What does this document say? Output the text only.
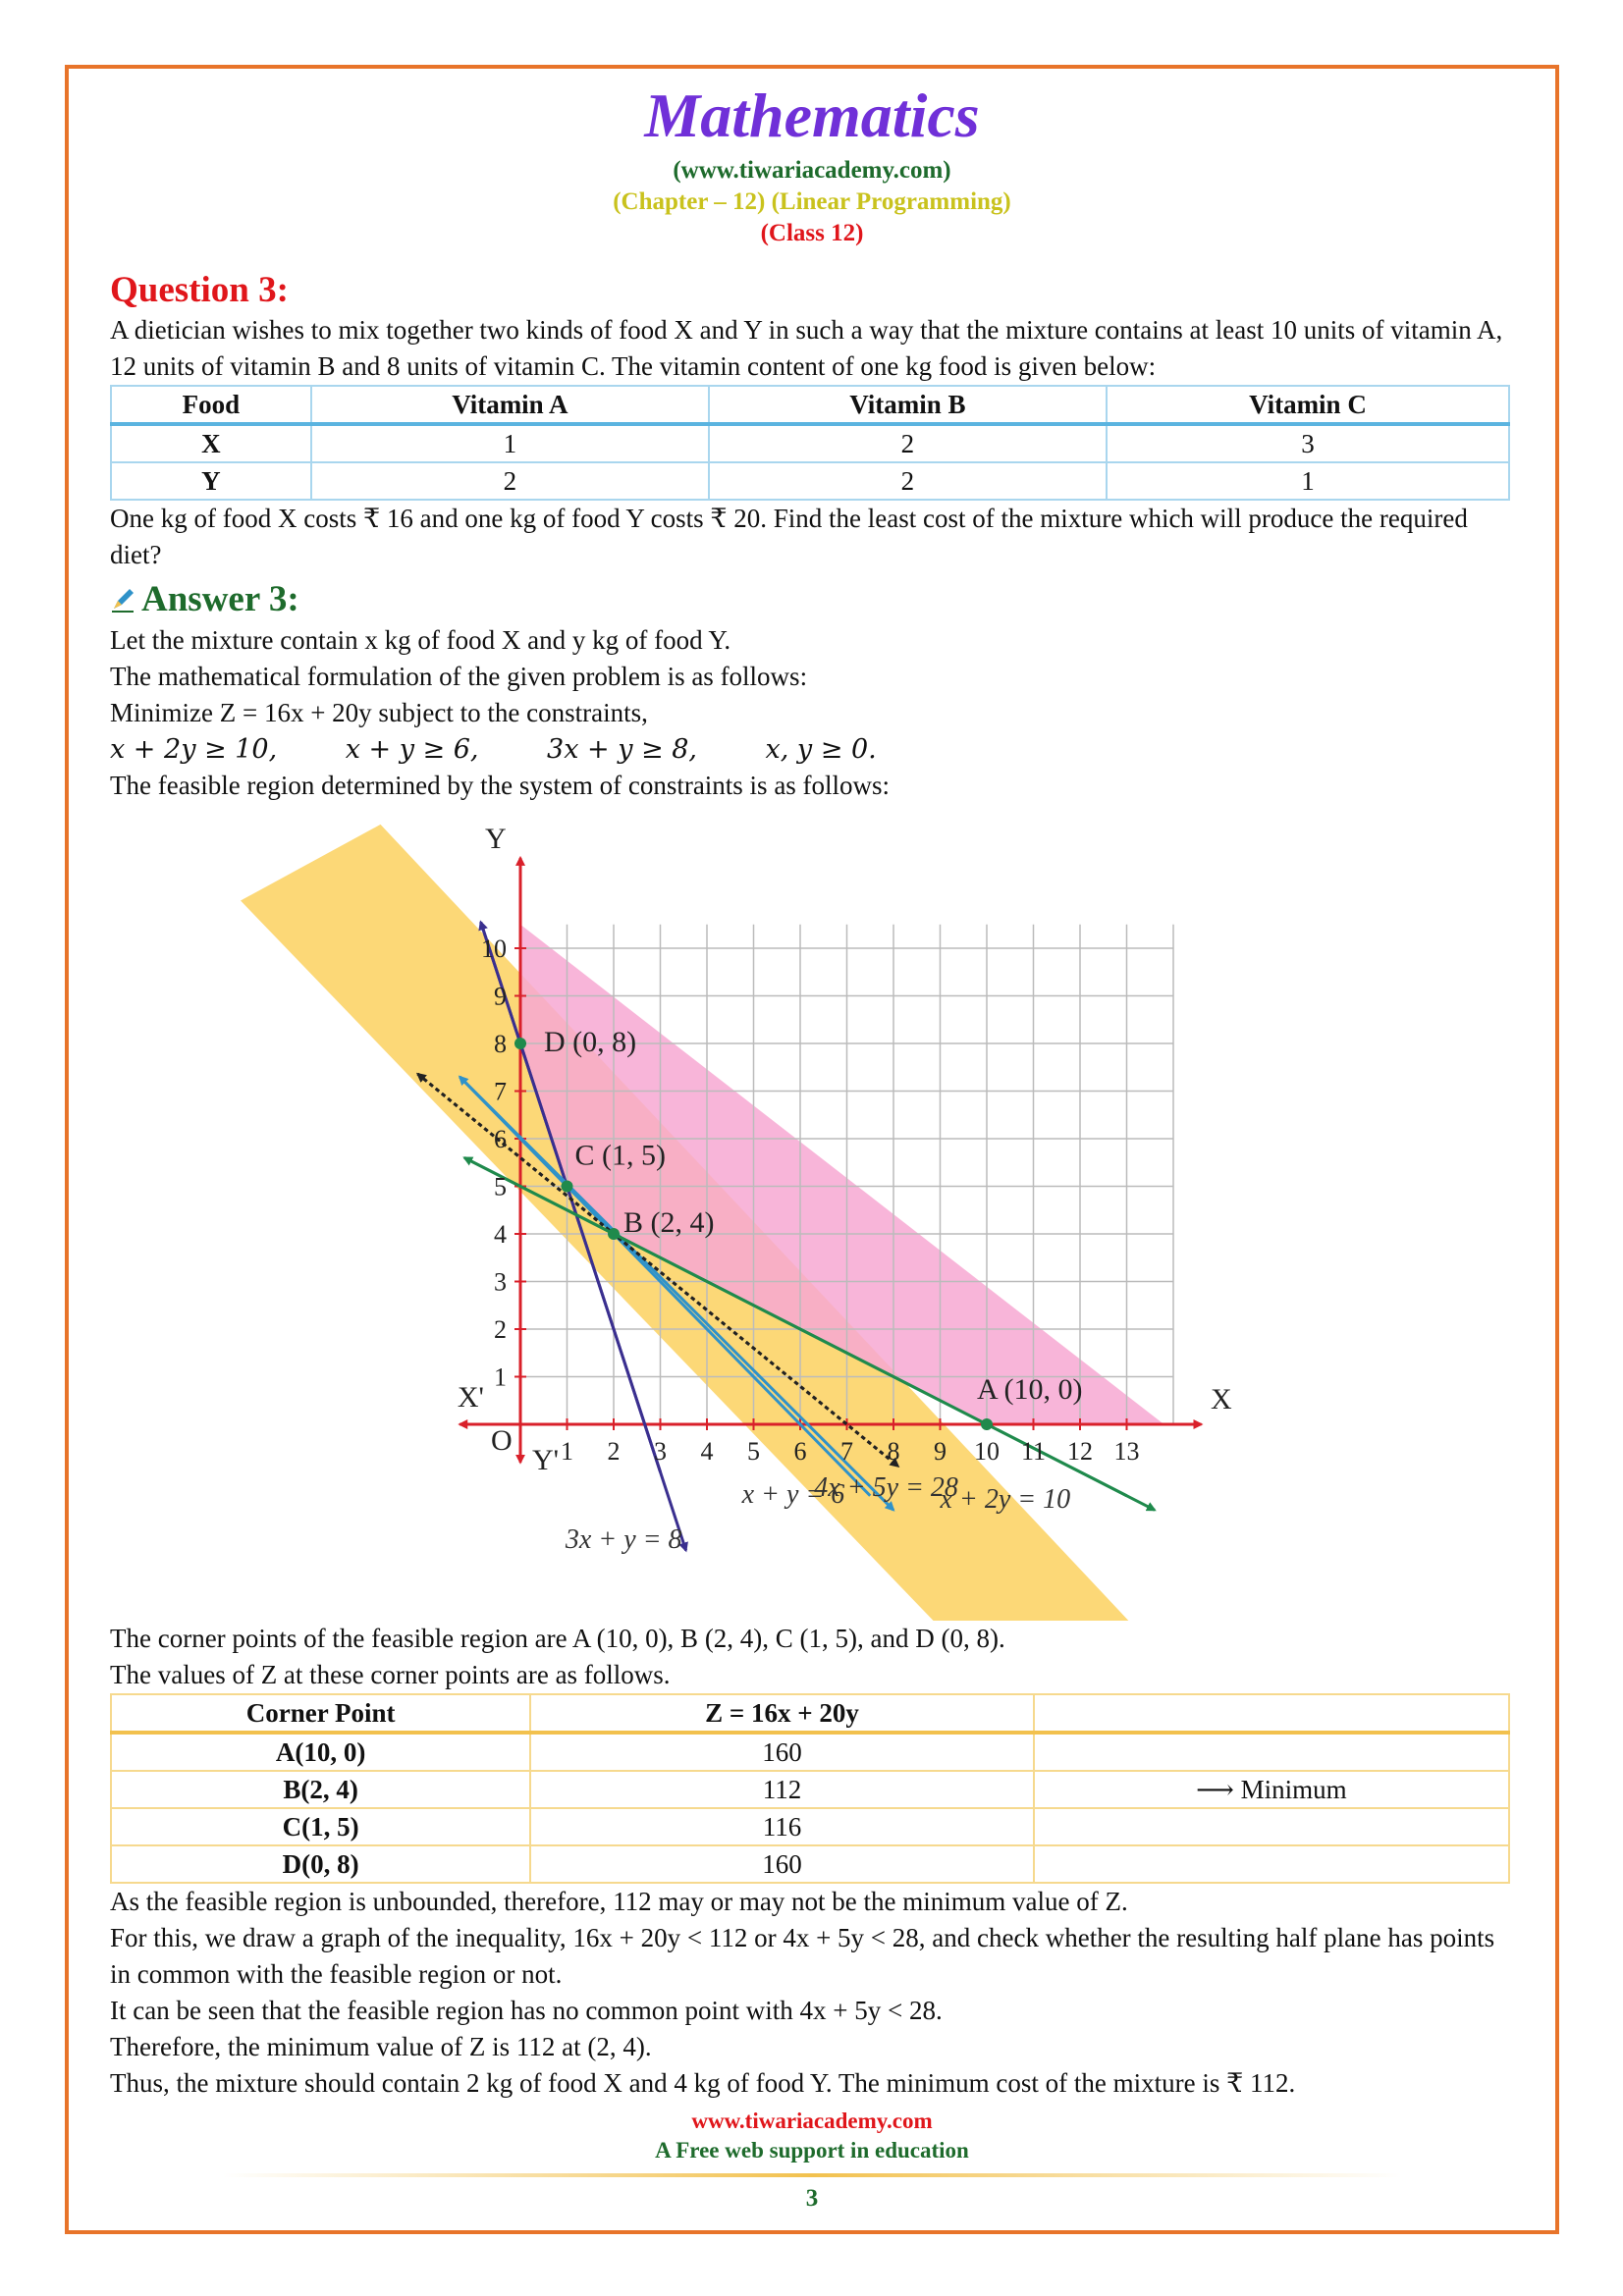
Mathematics
(www.tiwariacademy.com)
(Chapter – 12) (Linear Programming)
(Class 12)
Question 3:

A dietician wishes to mix together two kinds of food X and Y in such a way that the mixture contains at least 10 units of vitamin A, 12 units of vitamin B and 8 units of vitamin C. The vitamin content of one kg food is given below:

Food	Vitamin A	Vitamin B	Vitamin C
X	1	2	3
Y	2	2	1

One kg of food X costs ₹ 16 and one kg of food Y costs ₹ 20. Find the least cost of the mixture which will produce the required diet?

Answer 3:

Let the mixture contain x kg of food X and y kg of food Y.

The mathematical formulation of the given problem is as follows:

Minimize Z = 16x + 20y subject to the constraints,

x + 2y ≥ 10,	x + y ≥ 6,	3x + y ≥ 8,	x, y ≥ 0.

The feasible region determined by the system of constraints is as follows:

1 2 3 4 5 6 7 8 9 10 11 12 13
1
2
3
4
5
6
7
8
9
10
X
X'
Y
Y'
O
A (10, 0)
B (2, 4)
C (1, 5)
D (0, 8)
3x + y = 8
x + y = 6
4x + 5y = 28
x + 2y = 10

The corner points of the feasible region are A (10, 0), B (2, 4), C (1, 5), and D (0, 8).

The values of Z at these corner points are as follows.

Corner Point	Z = 16x + 20y	
A(10, 0)	160	
B(2, 4)	112	⟶ Minimum
C(1, 5)	116	
D(0, 8)	160	

As the feasible region is unbounded, therefore, 112 may or may not be the minimum value of Z.

For this, we draw a graph of the inequality, 16x + 20y < 112 or 4x + 5y < 28, and check whether the resulting half plane has points in common with the feasible region or not.

It can be seen that the feasible region has no common point with 4x + 5y < 28.

Therefore, the minimum value of Z is 112 at (2, 4).

Thus, the mixture should contain 2 kg of food X and 4 kg of food Y. The minimum cost of the mixture is ₹ 112.

www.tiwariacademy.com
A Free web support in education
3
